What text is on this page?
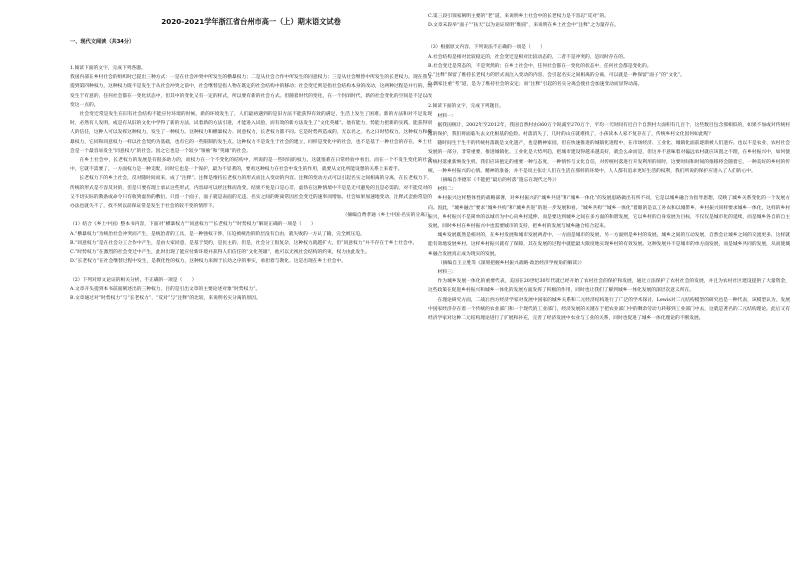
2020-2021学年浙江省台州市高一（上）期末语文试卷
一、现代文阅读（共34分）
1.阅读下面的文字，完成下列各题。
我国内部在乡村社会的组织时已提出三种方式：一是在社会冲突中所发生的横暴权力；二是从社会合作中所发生的同意权力；三是从社会继替中所发生的长老权力。现在我又提到第四种权力，这种权力既不是发生于从社会冲突之前中，社会继替是指人物在既定的社会结构中的移动；社会变迁则是指社会结构本身的改动，这两种过程是并行的。而发生于有意的，任何社会都在一变化状态中，但其中的变化又有一定的样式，所以要有新的社会方式。但随着时代的变化，在一个封闭时代，新的社会变化的空间是不足以改变这一点的。
社会变迁常是发生在旧有社会结构不能应付环境的时候。新的环境发生了，人们最初遇到的是旧方法不能获得有效的满足，生活上发生了困难。新的方法和对不足发现时，必然有人发明，或是有从旧的文化中学得了新的方法，试着新的方法引进，才能进入试验，而有效的新方法发生了“文化英雄”。他有能力，势能力把新的实践，能获得别人的信任，这种人可以发挥这种权力，发生了一种权力。这种权力和横暴权力、同意权力，长老权力都不同。它是时势所造成的，无以名之，名之曰时势权力。这种权力和横暴权力，它同和同意权力一样以社会契约为基础，也有它的一些限制的发生点。这种权力不是发生于社会的建立，同样是变化中的社会，也不是基于一种社会的存在，乡土社会是一个最容易发生“同意权力”的社会。因之它也是一个较少“领袖”和“英雄”的社会。
在乡土社会中，长老权力的发展是有很多助力的，而权力在一个不变化的结构中，所说的是一些时间的权力。这就很难在日常经验中看出，而在一个不发生变化的社会中，它就不需要了，一方面权力是一种支配，同时它也是一个保护，最为不显著的，要看这种权力在社会中发生的作用，就要从文化所能设想的关系上来着手。
长老权力下的乡土社会，反对随时间而来，成了“注释”。注释是维持长老权力的形式而注入变动的内容。注释的变动方式可以引起名实之间相离的分离，在长老权力下，传统的形式是不容反对的，但是只要有理上承认这些形式，内容却可以经注释而改变。结果不免是口是心非，虚伪在这种情境中不是是无可避免的且是必需的。对不能反对的又不切实际的教条或命令只有收到虚伪的敷衍，只留一个面子，面子就是表面的无违，名实之间的距离常因社会变迁的速率而增加。社会如果加速地变动，注释式歪曲常是的办法也就失不了，找不到以前保证常是发生于社会的较不变的情形下。
（摘编自费孝通《乡土中国·名实的分离》）
（1）结合《乡土中国》整本书内容，下面对“横暴权力”“同意权力”“长老权力”“时势权力”解说正确的一项是（　　）
A.“横暴权力”为统治社会冲突而产生，是统治者的工具，是一种強权干涉，压迫被统治的阶层没有自由，就失败的一方认了输，完全被压迫。
B.“同意权力”是在社会分工合作中产生，是由大家同意，是基于契约，是民主的。但是，社会分工很复杂，这种权力就越扩大，但“同意权力”并不存在于乡土社会中。
C.“时势权力”在激烈的社会变迁中产生，此时出现了能应付新环境并获得人们信任的“文化英雄”，他可以无视社会结构的约束，权力由此发生。
D.“长老权力”在社会继替过程中发生，是教化性的权力，这种权力来源于长幼之序的事实，承担着与教化、这是出现在乡土社会中。
（2）下列对原文论证的相关分析，不正确的一项是（　　）
A.文章开头提到本书前面阐述出的三种权力，目的是引出文章的主要论述对象“时势权力”。
B.文章通过对“时势权力”与“长老权力”、“反对”与“注释”的比较，来说明名实分离的原因。
C.第三段引领家阐明主要的“老”道，来说明乡土社会中的长老权力是不容忍“反对”的。
D.文章末段举“面子”“扶天”以为论证说明“维圆”，来说明在乡土社会中“注释”之为量存在。
（3）根据原文内容，下列说法不正确的一项是（　　）
A.社会结构是相对比较稳定的，社会变迁是相对比较动态的，二者不是冲突的，是同时存在的。
B.社会变迁是常态的，不是突然的；在乡土社会中，任何社会都在一变化的状态中，任何社会都是变化的。
C.“注释”保留了维持长老权力的形式而注入变动的内容，会引起名实之间相离的分离，可以就是一种保留“面子”的“文化”。
D.偶家注重“考”道，是为了维持社会的安定；而“注释”引起的名实分离会使社会加速变动而显得动荡。
2.阅读下面的文字，完成下列题目。
材料一：
据我国统计，2002年至2012年，我国自然村由360万个锐减至270万个，平均一天时间有近百个自然村大面积有几百个，这些数目包含那相似的，如果不加或对传统村落的保护，我们将面临失去文化根基的危险。村落消失了，几时的山庄就难找了，小孩读本人家不复存在了，传统乡村文化因何如此呢？
随时间生于生不的传统村落既是文化遗产，也是精神家园，但在快速推进的城镇化进程中，在市场经济、工业化、城镇化面前逐渐被人们遗弃。也以不是农业、农村社会发展的一部分，非常重要，推进城镇化、工业化是大势所趋，把城市建设得越来越美好，就会么命而是、但这并不意味着对偏远农村就应该置之不理，在乡村振兴中，如何使传统村落重新焕发生机，我们应该抱定的重要一种与态度，一种情怀与文化自信，对传统村落进行开发利用的同时，这要时间和时间的推移将会随着它，一种美好的乡村的传统，一种乡村振兴的心情。精神的准备，并不是说主张让人们在生活在那样的环境中，人人都有追求更好生活的权利，我们所说的保护应进入了人们的心中。
（摘编自李德军《不能把“最后的村落”遗忘在现代之外》）
材料二：
乡村振兴这样整体性的战略部署，对乡村振兴的“城乡共进”和“城乡一体化”的发展思路做出有所不同，它是以城乡融合为指导思想，反映了城乡关系变化的一个发展方向。因此，“城乡融合”要求“城乡共构”和“城乡共进”的进一步发展和看。“城乡共构”“城乡一体化”着眼的是以工补农和以城带乡，乡村振兴同样要求城乡一体化，这样的乡村振兴，乡村振兴不是简单的以城市为中心向乡村延伸，而是要达到城乡之间在多方面的和谐发展，它以乡村的自身发展为目标，不仅仅是城市化的延续，而是城乡各自的自主发展。同时乡村在乡村振兴中也需要城市的支持，把乡村的发展与城乡融合结合起来。
城乡发展既然是相对的，在乡村发展和城市发展两者中，一方面是城市的发展，另一方面则是乡村的发展。城乡之间的互动发展，自然会让城乡之间的交流更多，这样就能有效地发展乡村，这样乡村振兴就有了保障，其在发展的过程中就能最大限度地实现乡村的有效发展。这种发展并不是城市的单方面发展，而是城乡共同的发展，从而使城乡融合发展真正成为现实的发展。
（摘编自王立胜等《深刻把握乡村振兴战略·政治经济学视角的解读》）
材料三：
作为城乡发展一体化的重要代表，美国在20世纪30年代就已经开始了农村社会的保护和发展，通过立法保护了农村社会的发展，并且为农村社区建设提供了大量资金，这些政策在促进乡村振兴和城乡一体化的发展方面发挥了积极的作用，同时也让我们了解到城乡一体化发展的深层次意义所在。
在理论研究方面，二战后西方经济学家对发展中国家的城乡关系和二元经济结构进行了广泛的学术探讨，Lewis对二元结构模型的研究也是一种代表，该模型认为，发展中国家经济存在着一个传统的农业部门和一个现代的工业部门，经济发展的关键在于把农业部门中的剩余劳动力转移到工业部门中去，这就是著名的二元结构理论。此后又有经济学家对这种二元结构理论进行了扩展和补充，完善了经济发展中农业与工业的关系，同时也促进了城乡一体化理论的不断发展。
